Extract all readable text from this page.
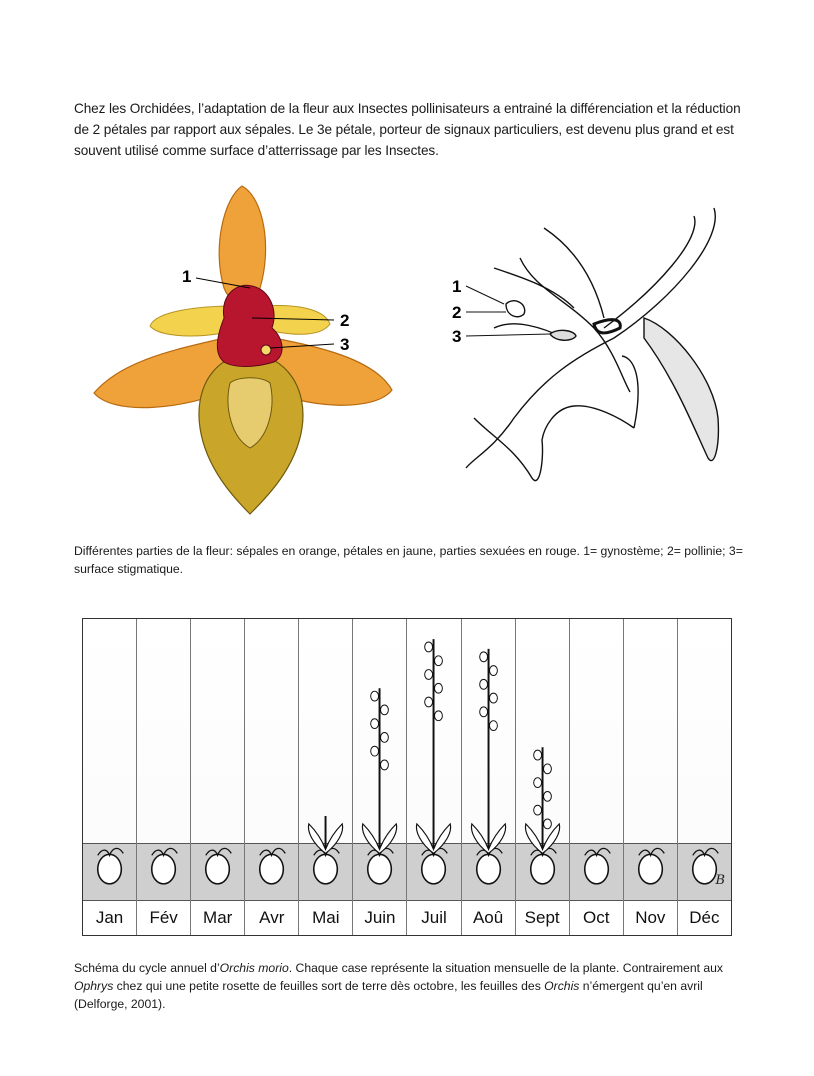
Chez les Orchidées, l’adaptation de la fleur aux Insectes pollinisateurs a entrainé la différenciation et la réduction de 2 pétales par rapport aux sépales. Le 3e pétale, porteur de signaux particuliers, est devenu plus grand et est souvent utilisé comme surface d’atterrissage par les Insectes.

1
2
3
1
2
3

Différentes parties de la fleur: sépales en orange, pétales en jaune, parties sexuées en rouge. 1= gynostème; 2= pollinie; 3= surface stigmatique.

Jan	Fév	Mar	Avr	Mai	Juin	Juil	Aoû	Sept	Oct	Nov	Déc
B

Schéma du cycle annuel d’Orchis morio. Chaque case représente la situation mensuelle de la plante. Contrairement aux Ophrys chez qui une petite rosette de feuilles sort de terre dès octobre, les feuilles des Orchis n’émergent qu’en avril (Delforge, 2001).
